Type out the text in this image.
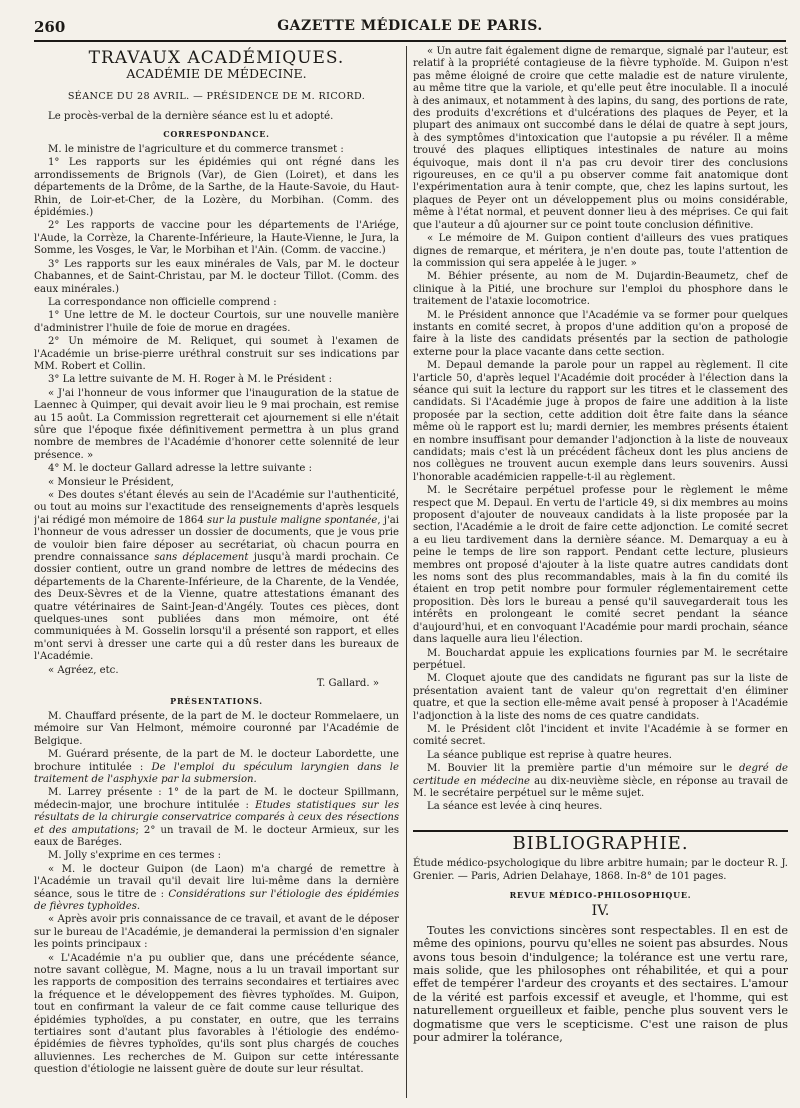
260	GAZETTE MÉDICALE DE PARIS.
TRAVAUX ACADÉMIQUES.
ACADÉMIE DE MÉDECINE.
SÉANCE DU 28 AVRIL. — PRÉSIDENCE DE M. RICORD.

Le procès-verbal de la dernière séance est lu et adopté.

CORRESPONDANCE.

M. le ministre de l'agriculture et du commerce transmet :

1° Les rapports sur les épidémies qui ont régné dans les arrondissements de Brignols (Var), de Gien (Loiret), et dans les départements de la Drôme, de la Sarthe, de la Haute-Savoie, du Haut-Rhin, de Loir-et-Cher, de la Lozère, du Morbihan. (Comm. des épidémies.)

2° Les rapports de vaccine pour les départements de l'Ariége, l'Aude, la Corrèze, la Charente-Inférieure, la Haute-Vienne, le Jura, la Somme, les Vosges, le Var, le Morbihan et l'Ain. (Comm. de vaccine.)

3° Les rapports sur les eaux minérales de Vals, par M. le docteur Chabannes, et de Saint-Christau, par M. le docteur Tillot. (Comm. des eaux minérales.)

La correspondance non officielle comprend :

1° Une lettre de M. le docteur Courtois, sur une nouvelle manière d'administrer l'huile de foie de morue en dragées.

2° Un mémoire de M. Reliquet, qui soumet à l'examen de l'Académie un brise-pierre uréthral construit sur ses indications par MM. Robert et Collin.

3° La lettre suivante de M. H. Roger à M. le Président :

« J'ai l'honneur de vous informer que l'inauguration de la statue de Laennec à Quimper, qui devait avoir lieu le 9 mai prochain, est remise au 15 août. La Commission regretterait cet ajournement si elle n'était sûre que l'époque fixée définitivement permettra à un plus grand nombre de membres de l'Académie d'honorer cette solennité de leur présence. »

4° M. le docteur Gallard adresse la lettre suivante :

« Monsieur le Président,

« Des doutes s'étant élevés au sein de l'Académie sur l'authenticité, ou tout au moins sur l'exactitude des renseignements d'après lesquels j'ai rédigé mon mémoire de 1864 sur la pustule maligne spontanée, j'ai l'honneur de vous adresser un dossier de documents, que je vous prie de vouloir bien faire déposer au secrétariat, où chacun pourra en prendre connaissance sans déplacement jusqu'à mardi prochain. Ce dossier contient, outre un grand nombre de lettres de médecins des départements de la Charente-Inférieure, de la Charente, de la Vendée, des Deux-Sèvres et de la Vienne, quatre attestations émanant des quatre vétérinaires de Saint-Jean-d'Angély. Toutes ces pièces, dont quelques-unes sont publiées dans mon mémoire, ont été communiquées à M. Gosselin lorsqu'il a présenté son rapport, et elles m'ont servi à dresser une carte qui a dû rester dans les bureaux de l'Académie.

« Agréez, etc.

T. Gallard. »

PRÉSENTATIONS.

M. Chauffard présente, de la part de M. le docteur Rommelaere, un mémoire sur Van Helmont, mémoire couronné par l'Académie de Belgique.

M. Guérard présente, de la part de M. le docteur Labordette, une brochure intitulée : De l'emploi du spéculum laryngien dans le traitement de l'asphyxie par la submersion.

M. Larrey présente : 1° de la part de M. le docteur Spillmann, médecin-major, une brochure intitulée : Etudes statistiques sur les résultats de la chirurgie conservatrice comparés à ceux des résections et des amputations; 2° un travail de M. le docteur Armieux, sur les eaux de Baréges.

M. Jolly s'exprime en ces termes :

« M. le docteur Guipon (de Laon) m'a chargé de remettre à l'Académie un travail qu'il devait lire lui-même dans la dernière séance, sous le titre de : Considérations sur l'étiologie des épidémies de fièvres typhoïdes.

« Après avoir pris connaissance de ce travail, et avant de le déposer sur le bureau de l'Académie, je demanderai la permission d'en signaler les points principaux :

« L'Académie n'a pu oublier que, dans une précédente séance, notre savant collègue, M. Magne, nous a lu un travail important sur les rapports de composition des terrains secondaires et tertiaires avec la fréquence et le développement des fièvres typhoïdes. M. Guipon, tout en confirmant la valeur de ce fait comme cause tellurique des épidémies typhoïdes, a pu constater, en outre, que les terrains tertiaires sont d'autant plus favorables à l'étiologie des endémo-épidémies de fièvres typhoïdes, qu'ils sont plus chargés de couches alluviennes. Les recherches de M. Guipon sur cette intéressante question d'étiologie ne laissent guère de doute sur leur résultat.

« Un autre fait également digne de remarque, signalé par l'auteur, est relatif à la propriété contagieuse de la fièvre typhoïde. M. Guipon n'est pas même éloigné de croire que cette maladie est de nature virulente, au même titre que la variole, et qu'elle peut être inoculable. Il a inoculé à des animaux, et notamment à des lapins, du sang, des portions de rate, des produits d'excrétions et d'ulcérations des plaques de Peyer, et la plupart des animaux ont succombé dans le délai de quatre à sept jours, à des symptômes d'intoxication que l'autopsie a pu révéler. Il a même trouvé des plaques elliptiques intestinales de nature au moins équivoque, mais dont il n'a pas cru devoir tirer des conclusions rigoureuses, en ce qu'il a pu observer comme fait anatomique dont l'expérimentation aura à tenir compte, que, chez les lapins surtout, les plaques de Peyer ont un développement plus ou moins considérable, même à l'état normal, et peuvent donner lieu à des méprises. Ce qui fait que l'auteur a dû ajourner sur ce point toute conclusion définitive.

« Le mémoire de M. Guipon contient d'ailleurs des vues pratiques dignes de remarque, et méritera, je n'en doute pas, toute l'attention de la commission qui sera appelée à le juger. »

M. Béhier présente, au nom de M. Dujardin-Beaumetz, chef de clinique à la Pitié, une brochure sur l'emploi du phosphore dans le traitement de l'ataxie locomotrice.

M. le Président annonce que l'Académie va se former pour quelques instants en comité secret, à propos d'une addition qu'on a proposé de faire à la liste des candidats présentés par la section de pathologie externe pour la place vacante dans cette section.

M. Depaul demande la parole pour un rappel au règlement. Il cite l'article 50, d'après lequel l'Académie doit procéder à l'élection dans la séance qui suit la lecture du rapport sur les titres et le classement des candidats. Si l'Académie juge à propos de faire une addition à la liste proposée par la section, cette addition doit être faite dans la séance même où le rapport est lu; mardi dernier, les membres présents étaient en nombre insuffisant pour demander l'adjonction à la liste de nouveaux candidats; mais c'est là un précédent fâcheux dont les plus anciens de nos collègues ne trouvent aucun exemple dans leurs souvenirs. Aussi l'honorable académicien rappelle-t-il au règlement.

M. le Secrétaire perpétuel professe pour le règlement le même respect que M. Depaul. En vertu de l'article 49, si dix membres au moins proposent d'ajouter de nouveaux candidats à la liste proposée par la section, l'Académie a le droit de faire cette adjonction. Le comité secret a eu lieu tardivement dans la dernière séance. M. Demarquay a eu à peine le temps de lire son rapport. Pendant cette lecture, plusieurs membres ont proposé d'ajouter à la liste quatre autres candidats dont les noms sont des plus recommandables, mais à la fin du comité ils étaient en trop petit nombre pour formuler réglementairement cette proposition. Dès lors le bureau a pensé qu'il sauvegarderait tous les intérêts en prolongeant le comité secret pendant la séance d'aujourd'hui, et en convoquant l'Académie pour mardi prochain, séance dans laquelle aura lieu l'élection.

M. Bouchardat appuie les explications fournies par M. le secrétaire perpétuel.

M. Cloquet ajoute que des candidats ne figurant pas sur la liste de présentation avaient tant de valeur qu'on regrettait d'en éliminer quatre, et que la section elle-même avait pensé à proposer à l'Académie l'adjonction à la liste des noms de ces quatre candidats.

M. le Président clôt l'incident et invite l'Académie à se former en comité secret.

La séance publique est reprise à quatre heures.

M. Bouvier lit la première partie d'un mémoire sur le degré de certitude en médecine au dix-neuvième siècle, en réponse au travail de M. le secrétaire perpétuel sur le même sujet.

La séance est levée à cinq heures.

BIBLIOGRAPHIE.

Étude médico-psychologique du libre arbitre humain; par le docteur R. J. Grenier. — Paris, Adrien Delahaye, 1868. In-8° de 101 pages.

REVUE MÉDICO-PHILOSOPHIQUE.
IV.

Toutes les convictions sincères sont respectables. Il en est de même des opinions, pourvu qu'elles ne soient pas absurdes. Nous avons tous besoin d'indulgence; la tolérance est une vertu rare, mais solide, que les philosophes ont réhabilitée, et qui a pour effet de tempérer l'ardeur des croyants et des sectaires. L'amour de la vérité est parfois excessif et aveugle, et l'homme, qui est naturellement orgueilleux et faible, penche plus souvent vers le dogmatisme que vers le scepticisme. C'est une raison de plus pour admirer la tolérance,
